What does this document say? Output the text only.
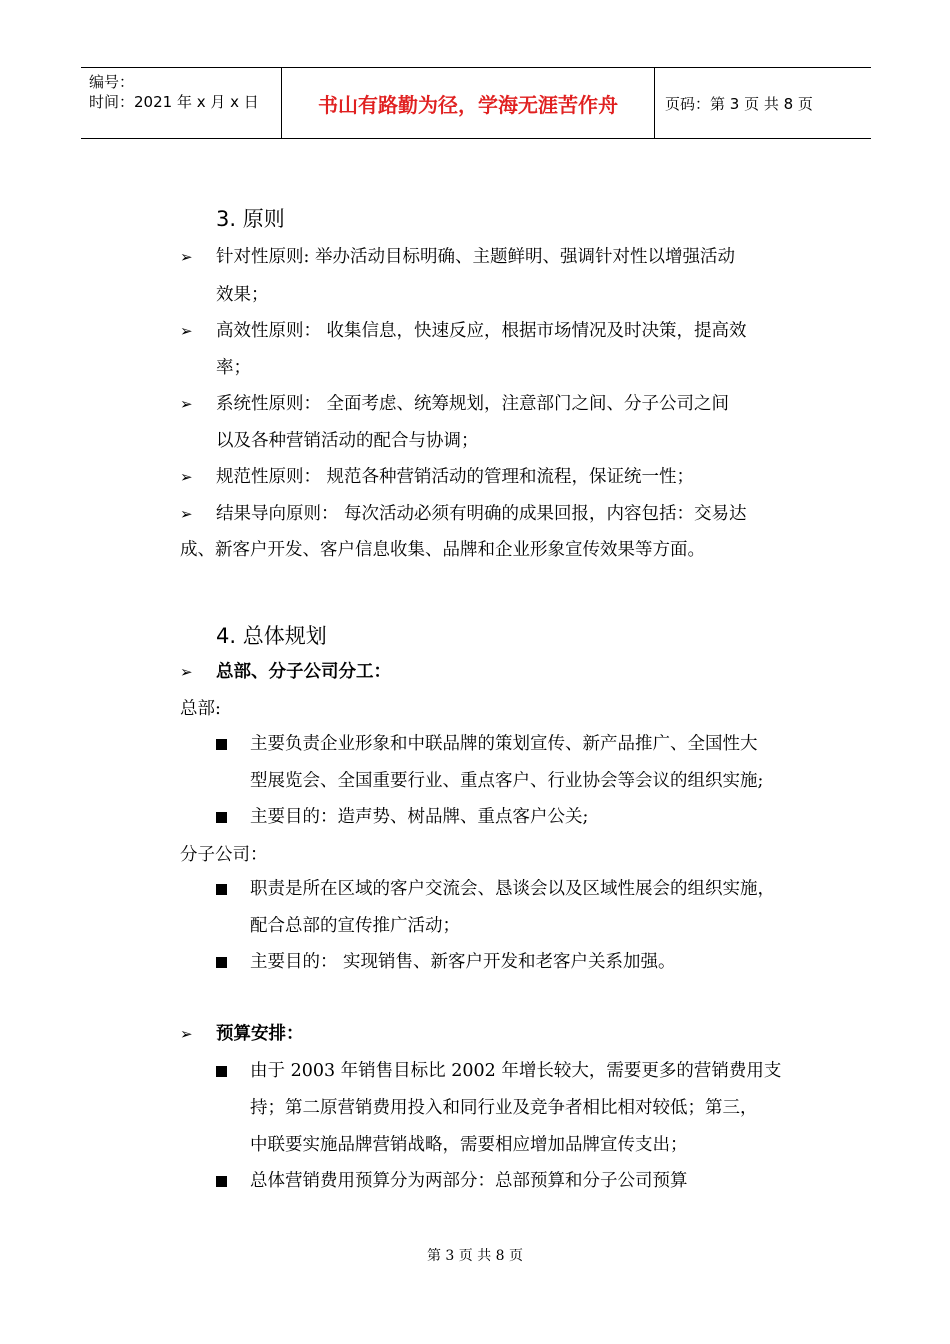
编号：
时间：2021 年 x 月 x 日	书山有路勤为径，学海无涯苦作舟	页码：第 3 页 共 8 页
3. 原则
➢ 针对性原则: 举办活动目标明确、主题鲜明、强调针对性以增强活动
效果；
➢ 高效性原则： 收集信息，快速反应，根据市场情况及时决策，提高效
率；
➢ 系统性原则： 全面考虑、统筹规划，注意部门之间、分子公司之间
以及各种营销活动的配合与协调；
➢ 规范性原则： 规范各种营销活动的管理和流程，保证统一性；
➢ 结果导向原则： 每次活动必须有明确的成果回报，内容包括：交易达
成、新客户开发、客户信息收集、品牌和企业形象宣传效果等方面。
4. 总体规划
➢ 总部、分子公司分工：
总部:
主要负责企业形象和中联品牌的策划宣传、新产品推广、全国性大
型展览会、全国重要行业、重点客户、行业协会等会议的组织实施;
主要目的：造声势、树品牌、重点客户公关;
分子公司：
职责是所在区域的客户交流会、恳谈会以及区域性展会的组织实施，
配合总部的宣传推广活动；
主要目的： 实现销售、新客户开发和老客户关系加强。
➢ 预算安排：
由于 2003 年销售目标比 2002 年增长较大，需要更多的营销费用支
持；第二原营销费用投入和同行业及竞争者相比相对较低；第三，
中联要实施品牌营销战略，需要相应增加品牌宣传支出；
总体营销费用预算分为两部分：总部预算和分子公司预算
第 3 页 共 8 页
